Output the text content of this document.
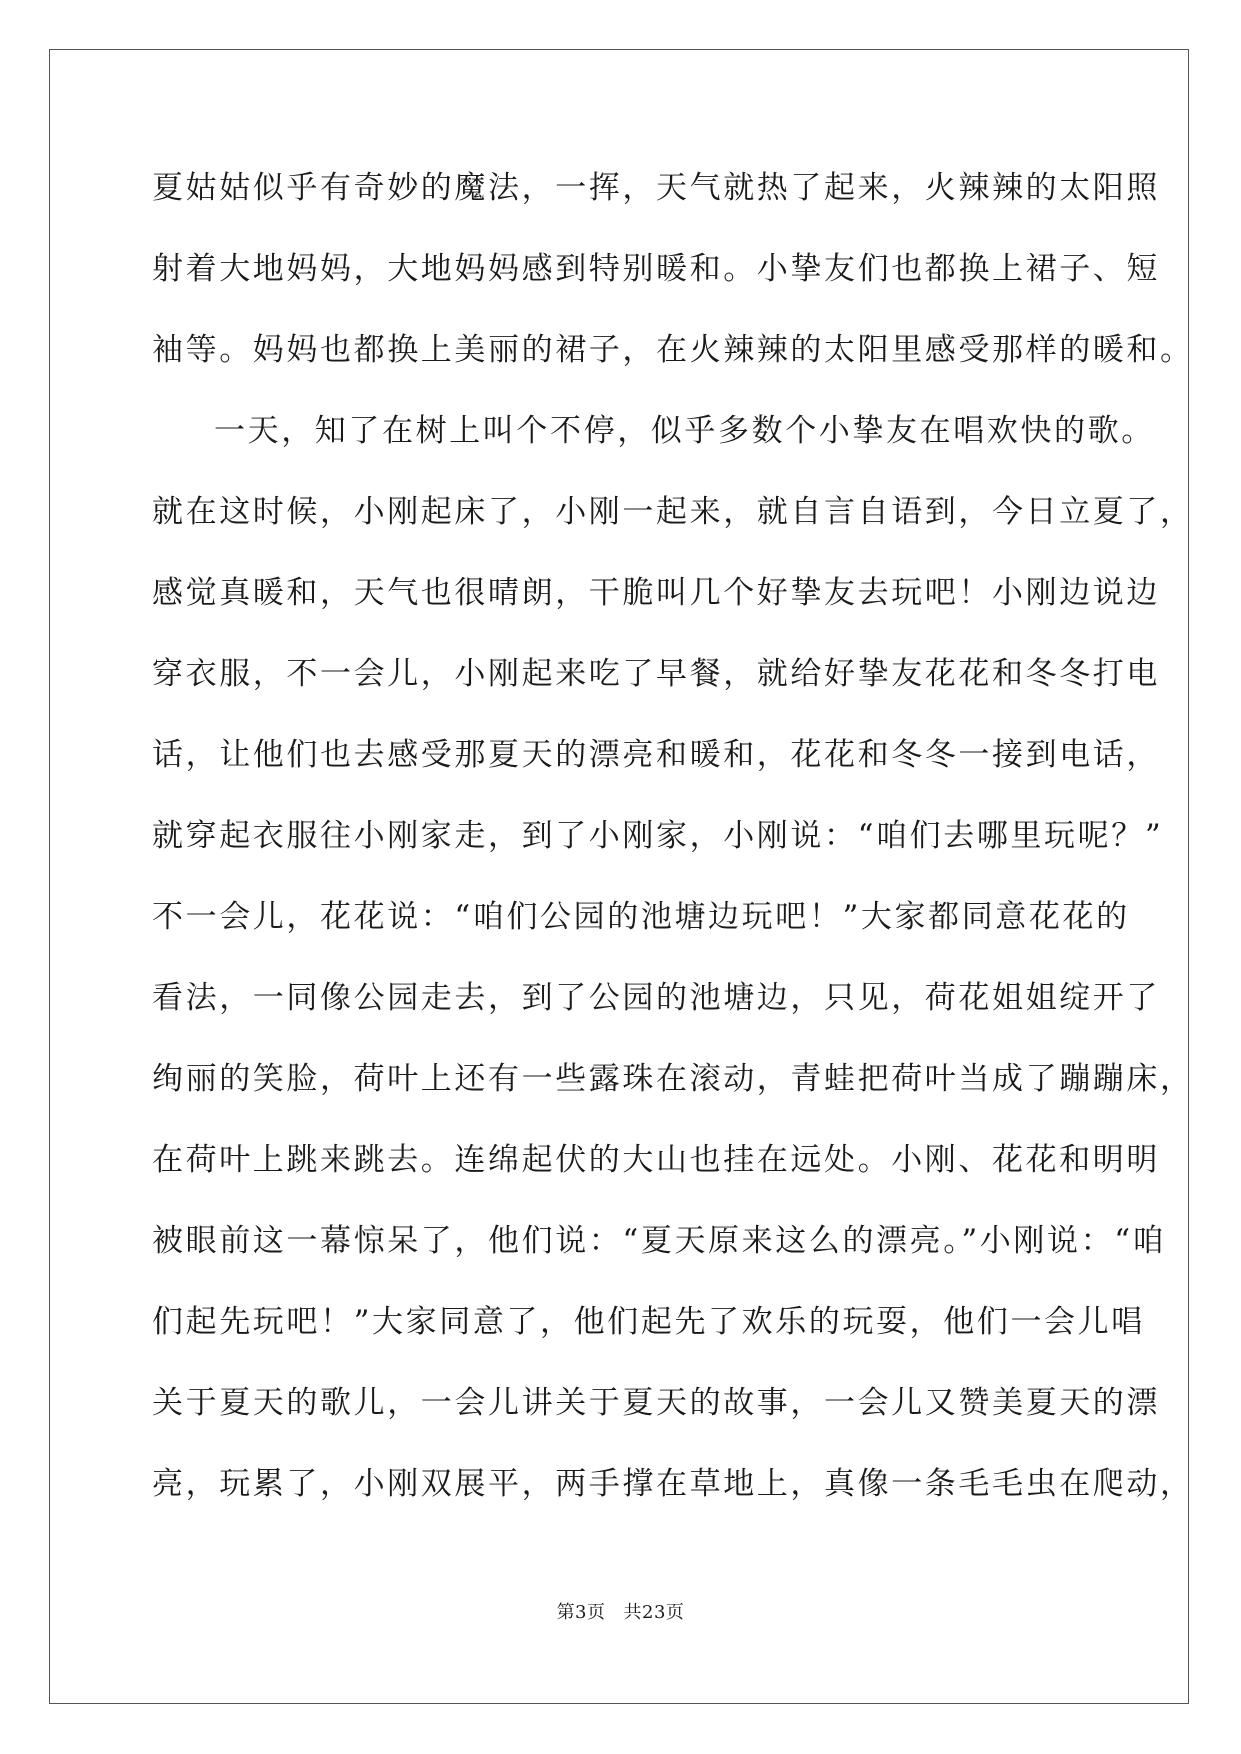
夏姑姑似乎有奇妙的魔法，一挥，天气就热了起来，火辣辣的太阳照

射着大地妈妈，大地妈妈感到特别暖和。小挚友们也都换上裙子、短

袖等。妈妈也都换上美丽的裙子，在火辣辣的太阳里感受那样的暖和。

一天，知了在树上叫个不停，似乎多数个小挚友在唱欢快的歌。

就在这时候，小刚起床了，小刚一起来，就自言自语到，今日立夏了，

感觉真暖和，天气也很晴朗，干脆叫几个好挚友去玩吧！小刚边说边

穿衣服，不一会儿，小刚起来吃了早餐，就给好挚友花花和冬冬打电

话，让他们也去感受那夏天的漂亮和暖和，花花和冬冬一接到电话，

就穿起衣服往小刚家走，到了小刚家，小刚说：“咱们去哪里玩呢？”

不一会儿，花花说：“咱们公园的池塘边玩吧！”大家都同意花花的

看法，一同像公园走去，到了公园的池塘边，只见，荷花姐姐绽开了

绚丽的笑脸，荷叶上还有一些露珠在滚动，青蛙把荷叶当成了蹦蹦床，

在荷叶上跳来跳去。连绵起伏的大山也挂在远处。小刚、花花和明明

被眼前这一幕惊呆了，他们说：“夏天原来这么的漂亮。”小刚说：“咱

们起先玩吧！”大家同意了，他们起先了欢乐的玩耍，他们一会儿唱

关于夏天的歌儿，一会儿讲关于夏天的故事，一会儿又赞美夏天的漂

亮，玩累了，小刚双展平，两手撑在草地上，真像一条毛毛虫在爬动，

第3页 共23页
